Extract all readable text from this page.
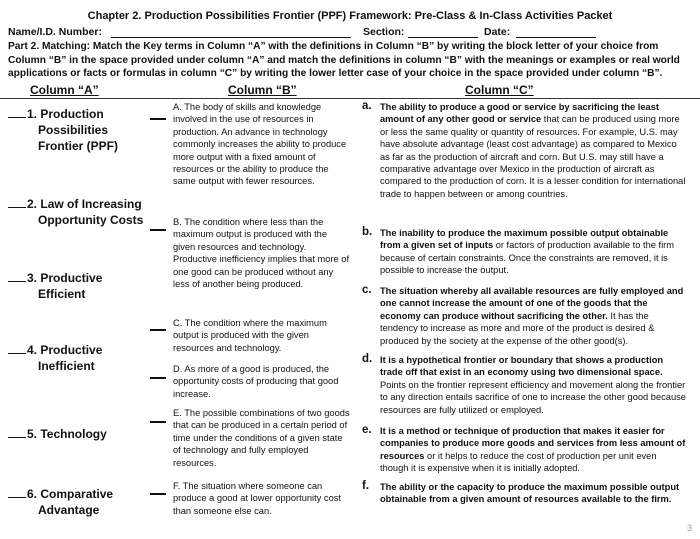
Chapter 2. Production Possibilities Frontier (PPF) Framework: Pre-Class & In-Class Activities Packet
Name/I.D. Number:	Section:	Date:
Part 2. Matching: Match the Key terms in Column “A” with the definitions in Column “B” by writing the block letter of your choice from Column “B” in the space provided under column “A” and match the definitions in column “B” with the meanings or examples or real world applications or facts or formulas in column “C” by writing the lower letter case of your choice in the space provided under column “B”.
Column “A”	Column “B”	Column “C”
1. Production
Possibilities
Frontier (PPF)
2. Law of Increasing
Opportunity Costs
3. Productive
Efficient
4. Productive
Inefficient
5. Technology
6. Comparative
Advantage
A. The body of skills and knowledge involved in the use of resources in production. An advance in technology commonly increases the ability to produce more output with a fixed amount of resources or the ability to produce the same output with fewer resources.
B. The condition where less than the maximum output is produced with the given resources and technology. Productive inefficiency implies that more of one good can be produced without any less of another being produced.
C. The condition where the maximum output is produced with the given resources and technology.
D. As more of a good is produced, the opportunity costs of producing that good increase.
E. The possible combinations of two goods that can be produced in a certain period of time under the conditions of a given state of technology and fully employed resources.
F. The situation where someone can produce a good at lower opportunity cost than someone else can.
a. The ability to produce a good or service by sacrificing the least amount of any other good or service that can be produced using more or less the same quality or quantity of resources. For example, U.S. may have absolute advantage (least cost advantage) as compared to Mexico as far as the production of aircraft and corn. But U.S. may still have a comparative advantage over Mexico in the production of aircraft as compared to the production of corn. It is a lesser condition for international trade to happen between or among countries.
b. The inability to produce the maximum possible output obtainable from a given set of inputs or factors of production available to the firm because of certain constraints. Once the constraints are removed, it is possible to increase the output.
c. The situation whereby all available resources are fully employed and one cannot increase the amount of one of the goods that the economy can produce without sacrificing the other. It has the tendency to increase as more and more of the product is desired & produced by the society at the expense of the other good(s).
d. It is a hypothetical frontier or boundary that shows a production trade off that exist in an economy using two dimensional space. Points on the frontier represent efficiency and movement along the frontier to any direction entails sacrifice of one to increase the other good because resources are fully utilized or employed.
e. It is a method or technique of production that makes it easier for companies to produce more goods and services from less amount of resources or it helps to reduce the cost of production per unit even though it is expensive when it is initially adopted.
f. The ability or the capacity to produce the maximum possible output obtainable from a given amount of resources available to the firm.
3
